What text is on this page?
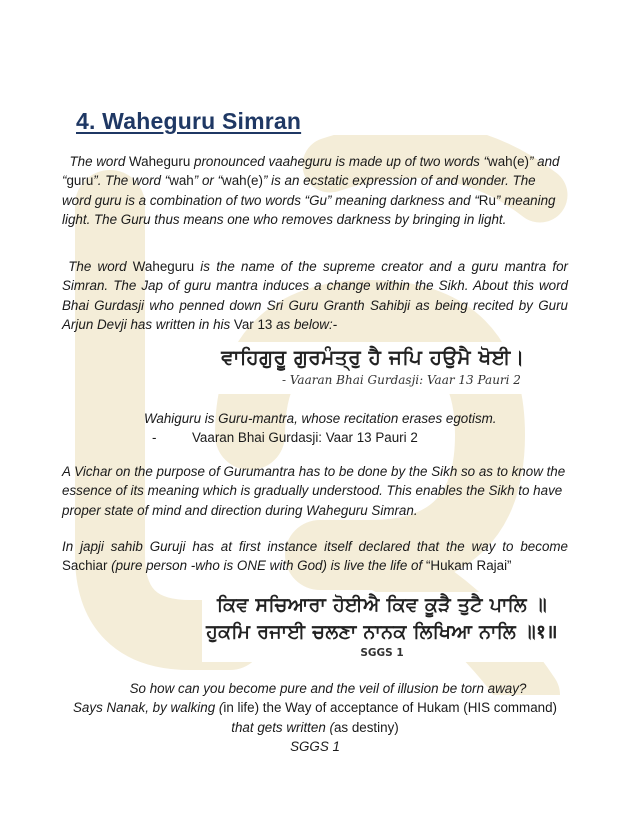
4. Waheguru Simran

The word Waheguru pronounced vaaheguru is made up of two words “wah(e)” and “guru”. The word “wah” or “wah(e)” is an ecstatic expression of and wonder. The word guru is a combination of two words “Gu” meaning darkness and “Ru” meaning light. The Guru thus means one who removes darkness by bringing in light.

The word Waheguru is the name of the supreme creator and a guru mantra for Simran. The Jap of guru mantra induces a change within the Sikh. About this word Bhai Gurdasji who penned down Sri Guru Granth Sahibji as being recited by Guru Arjun Devji has written in his Var 13 as below:-

ਵਾਹਿਗੁਰੂ ਗੁਰਮੰਤ੍ਰੁ ਹੈ ਜਪਿ ਹਉਮੈ ਖੋਈ।
- Vaaran Bhai Gurdasji: Vaar 13 Pauri 2

Wahiguru is Guru-mantra, whose recitation erases egotism.

-	Vaaran Bhai Gurdasji: Vaar 13 Pauri 2

A Vichar on the purpose of Gurumantra has to be done by the Sikh so as to know the essence of its meaning which is gradually understood. This enables the Sikh to have proper state of mind and direction during Waheguru Simran.

In japji sahib Guruji has at first instance itself declared that the way to become Sachiar (pure person -who is ONE with God) is live the life of “Hukam Rajai”

ਕਿਵ ਸਚਿਆਰਾ ਹੋਈਐ ਕਿਵ ਕੂੜੈ ਤੁਟੈ ਪਾਲਿ ॥
ਹੁਕਮਿ ਰਜਾਈ ਚਲਣਾ ਨਾਨਕ ਲਿਖਿਆ ਨਾਲਿ ॥१॥
SGGS 1

So how can you become pure and the veil of illusion be torn away?

Says Nanak, by walking (in life) the Way of acceptance of Hukam (HIS command)

that gets written (as destiny)

SGGS 1
